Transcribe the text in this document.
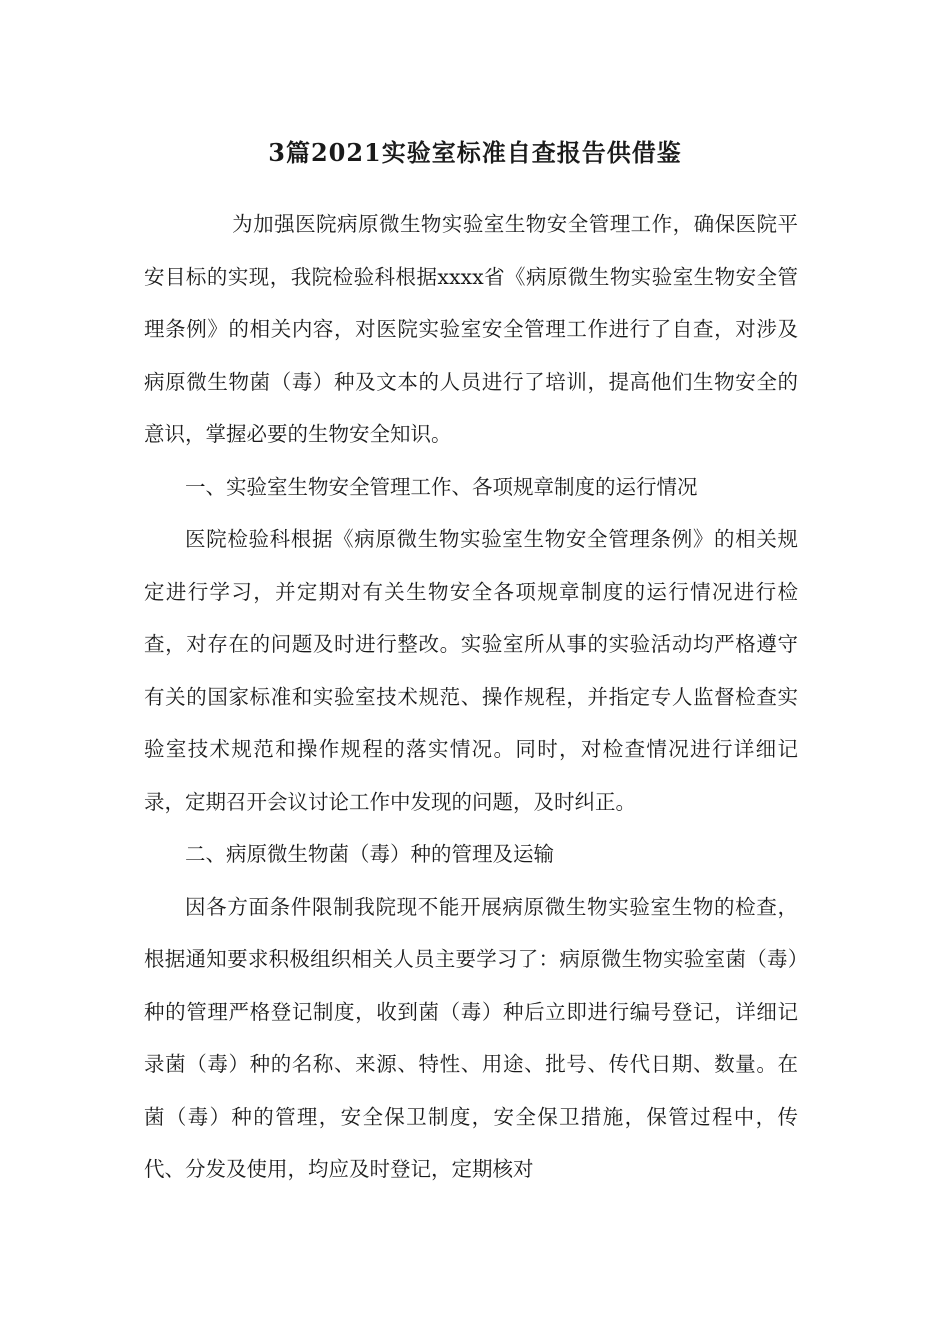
3篇2021实验室标准自查报告供借鉴

为加强医院病原微生物实验室生物安全管理工作，确保医院平安目标的实现，我院检验科根据xxxx省《病原微生物实验室生物安全管理条例》的相关内容，对医院实验室安全管理工作进行了自查，对涉及病原微生物菌（毒）种及文本的人员进行了培训，提高他们生物安全的意识，掌握必要的生物安全知识。

一、实验室生物安全管理工作、各项规章制度的运行情况

医院检验科根据《病原微生物实验室生物安全管理条例》的相关规定进行学习，并定期对有关生物安全各项规章制度的运行情况进行检查，对存在的问题及时进行整改。实验室所从事的实验活动均严格遵守有关的国家标准和实验室技术规范、操作规程，并指定专人监督检查实验室技术规范和操作规程的落实情况。同时，对检查情况进行详细记录，定期召开会议讨论工作中发现的问题，及时纠正。

二、病原微生物菌（毒）种的管理及运输

因各方面条件限制我院现不能开展病原微生物实验室生物的检查，根据通知要求积极组织相关人员主要学习了：病原微生物实验室菌（毒）种的管理严格登记制度，收到菌（毒）种后立即进行编号登记，详细记录菌（毒）种的名称、来源、特性、用途、批号、传代日期、数量。在菌（毒）种的管理，安全保卫制度，安全保卫措施，保管过程中，传代、分发及使用，均应及时登记，定期核对
